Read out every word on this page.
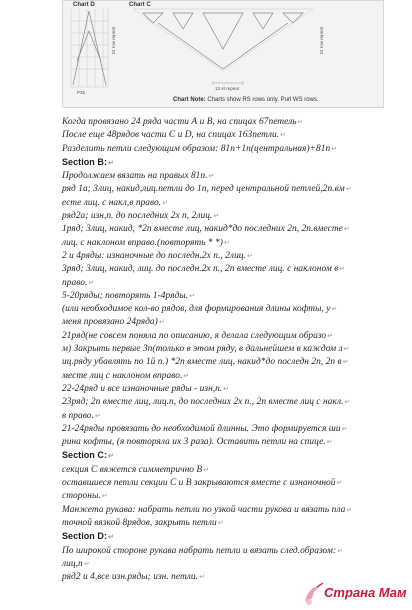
Chart D	Chart C
24 row repeat	24 row repeat
P35
12-st repeat
Chart Note: Charts show RS rows only. Purl WS rows.
Когда провязано 24 ряда части А и В, на спицах 67петель↵
После еще 48рядов части С и D, на спицах 163петли.↵
Разделить петли следующим образом: 81п+1п(центральная)+81п↵
Section B:↵
Продолжаем вязать на правых 81п.↵
ряд 1а; 3лиц, накид,лиц.петли до 1п, перед центральной петлей,2п.вм↵
есте лиц. с накл,в право.↵
ряд2а; изн,п. до последних 2х п, 2лиц.↵
1ряд; 3лиц, накид, *2п вместе лиц, накид*до последних 2п, 2п.вместе↵
лиц. с наклоном вправо.(повторять * *)↵
2 и 4ряды: изнаночные до последн.2х п., 2лиц.↵
3ряд; 3лиц, накид, лиц. до последн.2х п., 2п вместе лиц. с наклоном в↵
право.↵
5-20ряды; повторять 1-4ряды.↵
(или необходимое кол-во рядов, для формирования длины кофты, у↵
меня провязано 24ряда)↵
21ряд(не совсем поняла по описанию, я делала следующим образо↵
м) Закрыть первые 3п(только в этом ряду, в дальнейшем в каждом л↵
иц.ряду убавлять по 1й п.) *2п вместе лиц, накид*до последн 2п, 2п в↵
месте лиц с наклоном вправо.↵
22-24ряд и все изнаночные ряды - изн,п.↵
23ряд; 2п вместе лиц, лиц.п, до последних 2х п., 2п вместе лиц с накл.↵
в право.↵
21-24ряды провязать до необходимой длинны. Это формируется ши↵
рина кофты, (я повторяла их 3 раза). Оставить петли на спице.↵
Section C:↵
секция С вяжется симметрично В↵
оставшиеся петли секции С и В закрываются вместе с изнаночной↵
стороны.↵
Манжета рукава: набрать петли по узкой части рукова и вязать пла↵
точной вязкой 8рядов, закрыть петли↵
Section D:↵
По широкой стороне рукава набрать петли и вязать след.образом:↵
лиц,п↵
ряд2 и 4,все изн.ряды; изн. петли.↵
Страна Мам
